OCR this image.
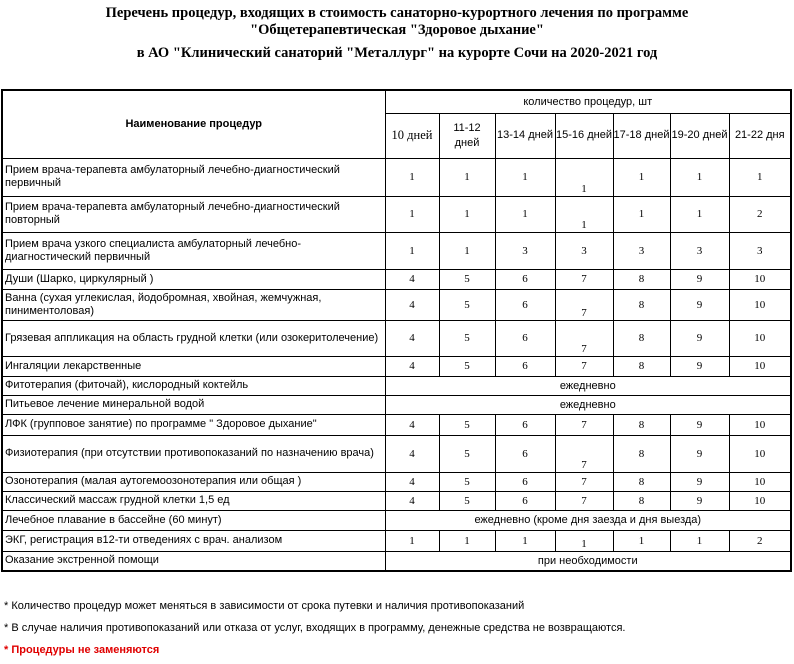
Перечень процедур, входящих в стоимость санаторно-курортного лечения по программе
"Общетерапевтическая "Здоровое дыхание"
в АО "Клинический санаторий "Металлург" на курорте Сочи на 2020-2021 год
Наименование процедур	количество процедур, шт						
	10 дней	11-12 дней	13-14 дней	15-16 дней	17-18 дней	19-20 дней	21-22 дня
Прием врача-терапевта амбулаторный лечебно-диагностический первичный	1	1	1	1	1	1	1
Прием врача-терапевта амбулаторный лечебно-диагностический повторный	1	1	1	1	1	1	2
Прием врача узкого специалиста амбулаторный лечебно-диагностический первичный	1	1	3	3	3	3	3
Души (Шарко, циркулярный )	4	5	6	7	8	9	10
Ванна (сухая углекислая, йодобромная, хвойная, жемчужная, пиниментоловая)	4	5	6	7	8	9	10
Грязевая аппликация на область грудной клетки (или озокеритолечение)	4	5	6	7	8	9	10
Ингаляции лекарственные	4	5	6	7	8	9	10
Фитотерапия (фиточай), кислородный коктейль	ежедневно						
Питьевое лечение минеральной водой	ежедневно						
ЛФК (групповое занятие) по программе " Здоровое дыхание"	4	5	6	7	8	9	10
Физиотерапия (при отсутствии противопоказаний по назначению врача)	4	5	6	7	8	9	10
Озонотерапия (малая аутогемоозонотерапия или общая )	4	5	6	7	8	9	10
Классический массаж грудной клетки 1,5 ед	4	5	6	7	8	9	10
Лечебное плавание в бассейне (60 минут)	ежедневно (кроме дня заезда и дня выезда)						
ЭКГ, регистрация в12-ти отведениях с врач. анализом	1	1	1	1	1	1	2
Оказание экстренной помощи	при необходимости						
* Количество процедур может меняться в зависимости от срока путевки и наличия противопоказаний
* В случае наличия противопоказаний или отказа от услуг, входящих в программу, денежные средства не возвращаются.
* Процедуры не заменяются
